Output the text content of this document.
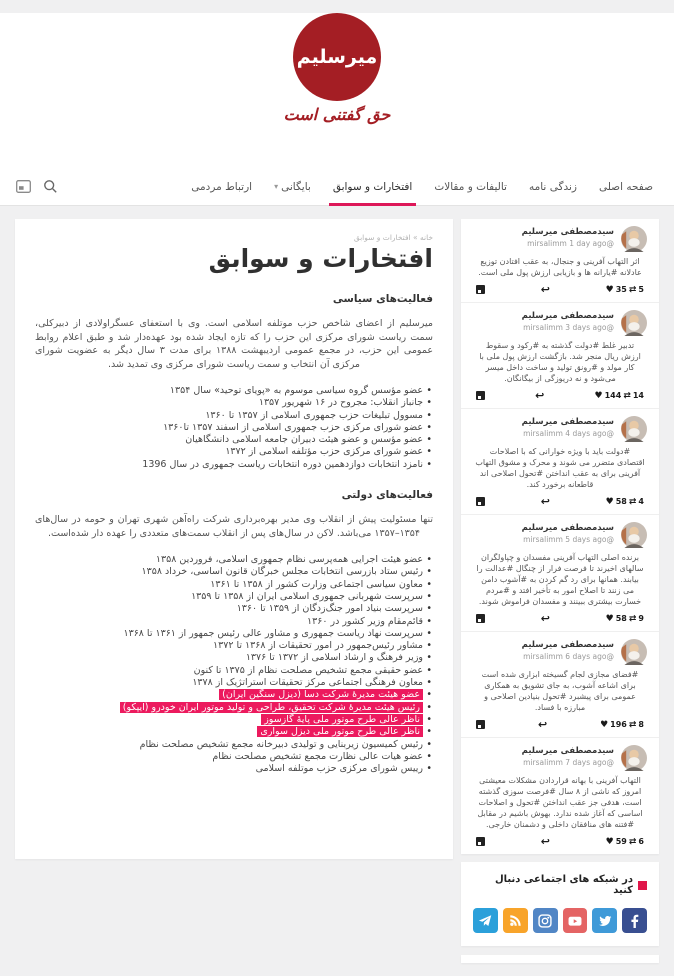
میرسلیم
حق گفتنی است
صفحه اصلی
زندگی نامه
تالیفات و مقالات
افتخارات و سوابق
بایگانی
▾
ارتباط مردمی
سیدمصطفی میرسلیم @mirsalimm 1 day ago

اثر التهاب آفرینی و جنجال، به عقب افتادن توزیع عادلانه #یارانه ها و بازیابی ارزش پول ملی است.

↩	♥ 35 ⇄ 5
سیدمصطفی میرسلیم @mirsalimm 3 days ago

تدبیر غلط #دولت گذشته به #رکود و سقوط ارزش ریال منجر شد. بازگشت ارزش پول ملی با کار مولد و #رونق تولید و ساخت داخل میسر می‌شود و نه دریوزگی از بیگانگان.

↩	♥ 144 ⇄ 14
سیدمصطفی میرسلیم @mirsalimm 4 days ago

#دولت باید با ویژه خوارانی که با اصلاحات اقتصادی متضرر می شوند و محرک و مشوق التهاب آفرینی برای به عقب انداختن #تحول اصلاحی اند قاطعانه برخورد کند.

↩	♥ 58 ⇄ 4
سیدمصطفی میرسلیم @mirsalimm 5 days ago

برنده اصلی التهاب آفرینی مفسدان و چپاولگران سالهای اخیرند تا فرصت فرار از چنگال #عدالت را بیابند. همانها برای رد گم کردن به #آشوب دامن می زنند تا اصلاح امور به تأخیر افتد و #مردم خسارت بیشتری ببینند و مفسدان فراموش شوند.

↩	♥ 58 ⇄ 9
سیدمصطفی میرسلیم @mirsalimm 6 days ago

#فضای مجازی لجام گسیخته ابزاری شده است برای اشاعه آشوب، به جای تشویق به همکاری عمومی برای پیشبرد #تحول بنیادین اصلاحی و مبارزه با فساد.

↩	♥ 196 ⇄ 8
سیدمصطفی میرسلیم @mirsalimm 7 days ago

التهاب آفرینی با بهانه قراردادن مشکلات معیشتی امروز که ناشی از ۸ سال #فرصت سوزی گذشته است، هدفی جز عقب انداختن #تحول و اصلاحات اساسی که آغاز شده ندارد. بهوش باشیم در مقابل #فتنه های منافقان داخلی و دشمنان خارجی.

↩	♥ 59 ⇄ 6
در شبکه های اجتماعی دنبال کنید
خانه » افتخارات و سوابق
افتخارات و سوابق
فعالیت‌های سیاسی

میرسلیم از اعضای شاخص حزب موتلفه اسلامی است. وی با استعفای عسگراولادی از دبیرکلی، سمت ریاست شورای مرکزی این حزب را که تازه ایجاد شده بود عهده‌دار شد و طبق اعلام روابط عمومی این حزب، در مجمع عمومی اردیبهشت ۱۳۸۸ برای مدت ۳ سال دیگر به عضویت شورای مرکزی آن انتخاب و سمت ریاست شورای مرکزی وی تمدید شد.

• عضو مؤسس گروه سیاسی موسوم به «پویای توحید» سال ۱۳۵۴
• جانباز انقلاب: مجروح در ۱۶ شهریور ۱۳۵۷
• مسوول تبلیغات حزب جمهوری اسلامی از ۱۳۵۷ تا ۱۳۶۰
• عضو شورای مرکزی حزب جمهوری اسلامی از اسفند ۱۳۵۷ تا۱۳۶۰
• عضو مؤسس و عضو هیئت دبیران جامعه اسلامی دانشگاهیان
• عضو شورای مرکزی حزب مؤتلفه اسلامی از ۱۳۷۲
• نامزد انتخابات دوازدهمین دوره انتخابات ریاست جمهوری در سال 1396
فعالیت‌های دولتی

تنها مسئولیت پیش از انقلاب وی مدیر بهره‌برداری شرکت راه‌آهن شهری تهران و حومه در سال‌های ۱۳۵۴–۱۳۵۷ می‌باشد. لاکن در سال‌های پس از انقلاب سمت‌های متعددی را عهده دار شده‌است.

• عضو هیئت اجرایی همه‌پرسی نظام جمهوری اسلامی، فروردین ۱۳۵۸
• رئیس ستاد بازرسی انتخابات مجلس خبرگان قانون اساسی، خرداد ۱۳۵۸
• معاون سیاسی اجتماعی وزارت کشور از ۱۳۵۸ تا ۱۳۶۱
• سرپرست شهربانی جمهوری اسلامی ایران از ۱۳۵۸ تا ۱۳۵۹
• سرپرست بنیاد امور جنگ‌زدگان از ۱۳۵۹ تا ۱۳۶۰
• قائم‌مقام وزیر کشور در ۱۳۶۰
• سرپرست نهاد ریاست جمهوری و مشاور عالی رئیس جمهور از ۱۳۶۱ تا ۱۳۶۸
• مشاور رئیس‌جمهور در امور تحقیقات از ۱۳۶۸ تا ۱۳۷۲
• وزیر فرهنگ و ارشاد اسلامی از ۱۳۷۲ تا ۱۳۷۶
• عضو حقیقی مجمع تشخیص مصلحت نظام از ۱۳۷۵ تا کنون
• معاون فرهنگی اجتماعی مرکز تحقیقات استراتژیک از ۱۳۷۸
• عضو هیئت مدیرهٔ شرکت دسا (دیزل سنگین ایران)
• رئیس هیئت مدیرهٔ شرکت تحقیق، طراحی و تولید موتور ایران خودرو (ایپکو)
• ناظر عالی طرح موتور ملی پایهٔ گازسوز
• ناظر عالی طرح موتور ملی دیزل سواری
• رئیس کمیسیون زیربنایی و تولیدی دبیرخانه مجمع تشخیص مصلحت نظام
• عضو هیات عالی نظارت مجمع تشخیص مصلحت نظام
• رییس شورای مرکزی حزب موتلفه اسلامی
